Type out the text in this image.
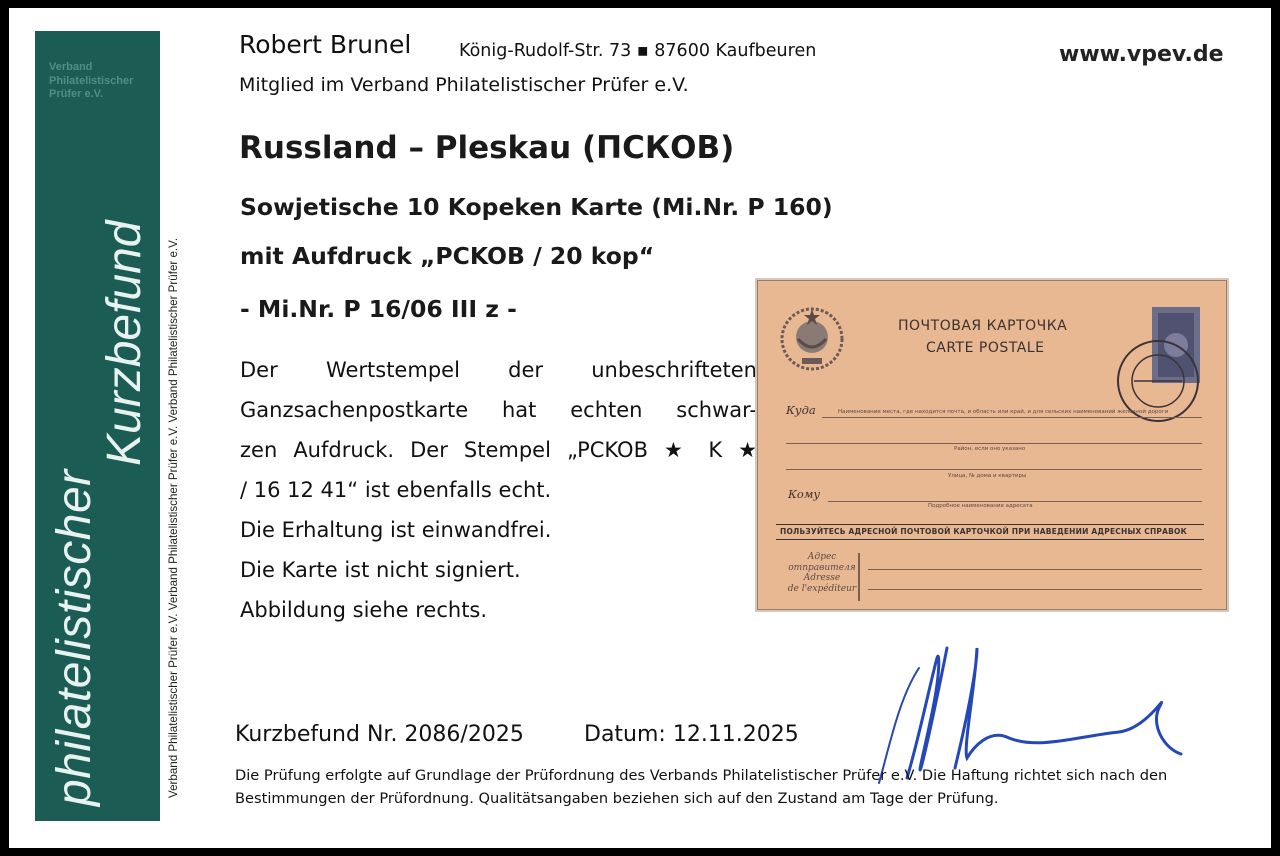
Verband
Philatelistischer
Prüfer e.V.
philatelistischer
Kurzbefund Verband Philatelistischer Prüfer e.V. Verband Philatelistischer Prüfer e.V. Verband Philatelistischer Prüfer e.V.
Robert Brunel	König-Rudolf-Str. 73 ▪ 87600 Kaufbeuren
Mitglied im Verband Philatelistischer Prüfer e.V.
www.vpev.de
Russland – Pleskau (ПСКОВ)
Sowjetische 10 Kopeken Karte (Mi.Nr. P 160)
mit Aufdruck „PCKOB / 20 kop“
- Mi.Nr. P 16/06 III z -

Der Wertstempel der unbeschrifteten

Ganzsachenpostkarte hat echten schwar-

zen Aufdruck. Der Stempel „PCKOB ★ K ★

/ 16 12 41“ ist ebenfalls echt.

Die Erhaltung ist einwandfrei.

Die Karte ist nicht signiert.

Abbildung siehe rechts.

ПОЧТОВАЯ КАРТОЧКА
CARTE POSTALE
Куда	Наименование места, где находится почта, и область или край, и для сельских наименований железной дороги
Район, если оно указано
Улица, № дома и квартиры
Кому
Подробное наименование адресата
ПОЛЬЗУЙТЕСЬ АДРЕСНОЙ ПОЧТОВОЙ КАРТОЧКОЙ ПРИ НАВЕДЕНИИ АДРЕСНЫХ СПРАВОК
Адрес
отправителя
Adresse
de l'expéditeur
Kurzbefund Nr. 2086/2025	Datum: 12.11.2025
Die Prüfung erfolgte auf Grundlage der Prüfordnung des Verbands Philatelistischer Prüfer e.V. Die Haftung richtet sich nach den Bestimmungen der Prüfordnung. Qualitätsangaben beziehen sich auf den Zustand am Tage der Prüfung.
